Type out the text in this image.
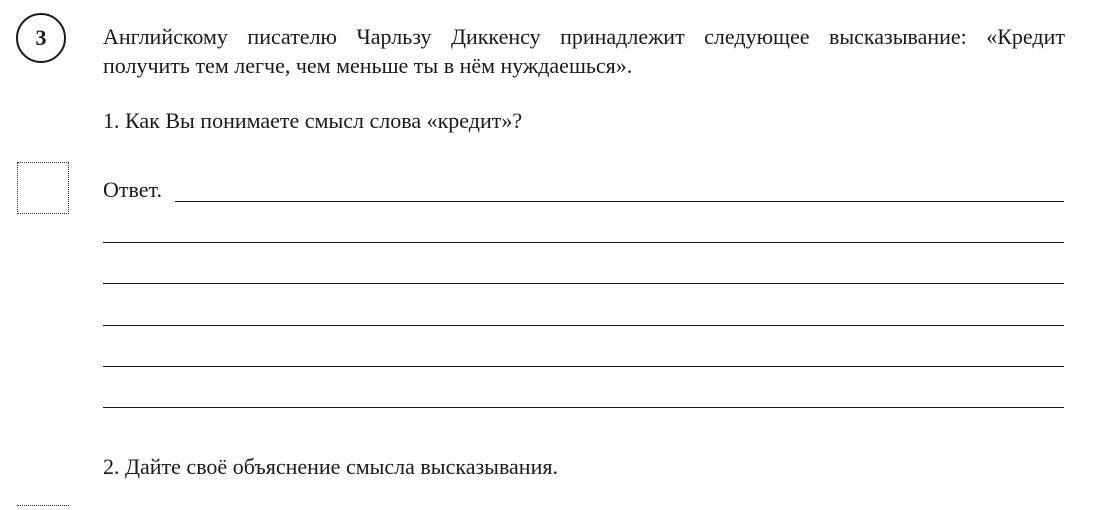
3	Английскому писателю Чарльзу Диккенсу принадлежит следующее высказывание: «Кредит
получить тем легче, чем меньше ты в нём нуждаешься».
1. Как Вы понимаете смысл слова «кредит»?
Ответ.
2. Дайте своё объяснение смысла высказывания.
